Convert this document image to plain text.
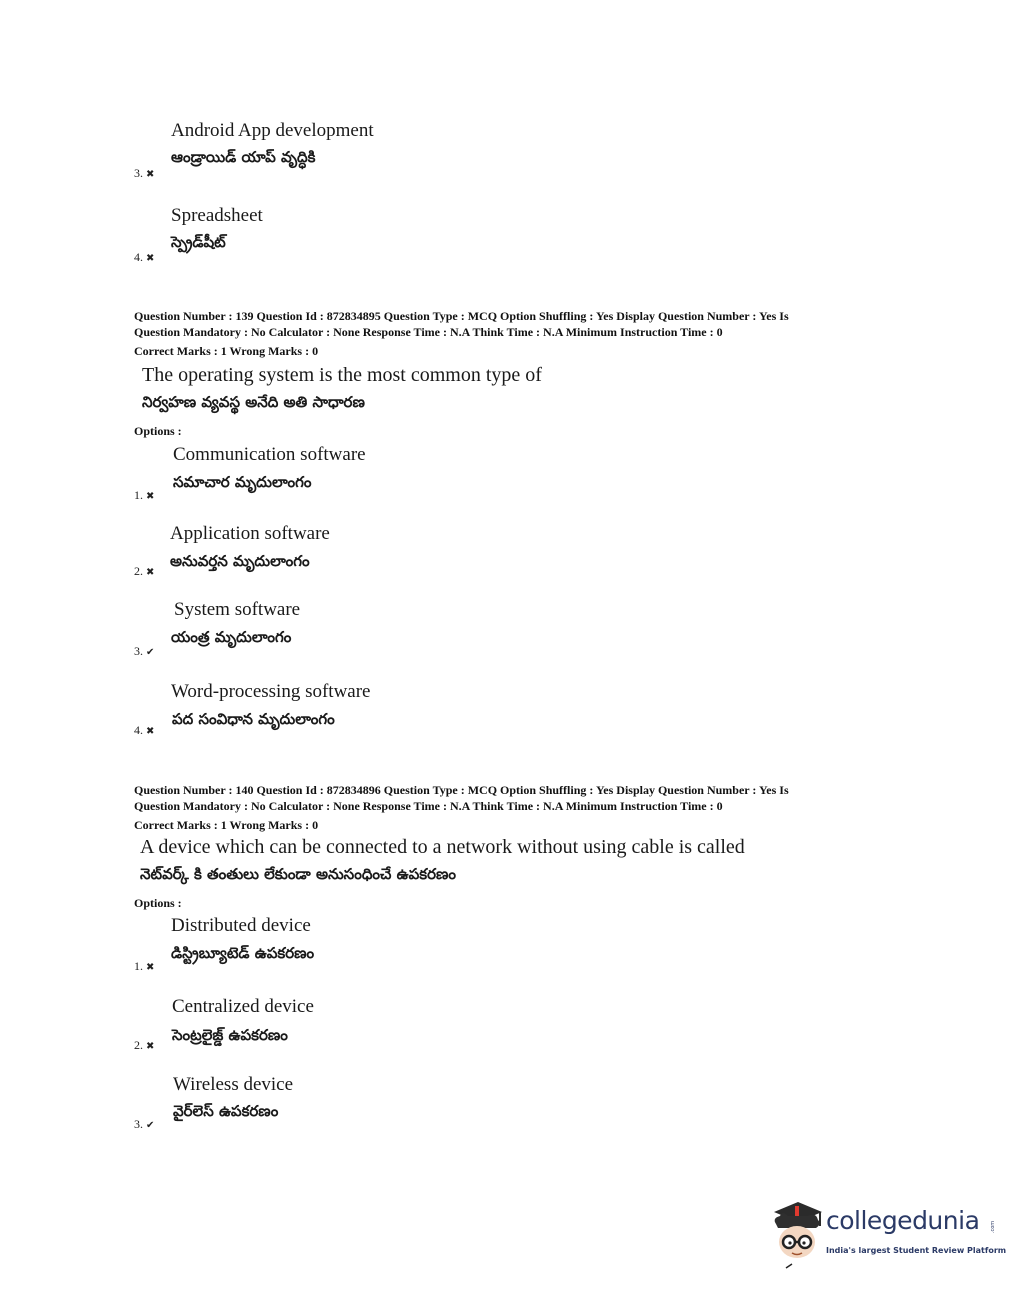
Android App development
ఆండ్రాయిడ్ యాప్ వృద్ధికి
3. ✖
Spreadsheet
స్ప్రెడ్‌షీట్
4. ✖
Question Number : 139 Question Id : 872834895 Question Type : MCQ Option Shuffling : Yes Display Question Number : Yes Is
Question Mandatory : No Calculator : None Response Time : N.A Think Time : N.A Minimum Instruction Time : 0
Correct Marks : 1 Wrong Marks : 0
The operating system is the most common type of
నిర్వహణ వ్యవస్థ అనేది అతి సాధారణ
Options :
Communication software
సమాచార మృదులాంగం
1. ✖
Application software
అనువర్తన మృదులాంగం
2. ✖
System software
యంత్ర మృదులాంగం
3. ✔
Word-processing software
పద సంవిధాన మృదులాంగం
4. ✖
Question Number : 140 Question Id : 872834896 Question Type : MCQ Option Shuffling : Yes Display Question Number : Yes Is
Question Mandatory : No Calculator : None Response Time : N.A Think Time : N.A Minimum Instruction Time : 0
Correct Marks : 1 Wrong Marks : 0
A device which can be connected to a network without using cable is called
నెట్‌వర్క్ కి తంతులు లేకుండా అనుసంధించే ఉపకరణం
Options :
Distributed device
డిస్ట్రిబ్యూటెడ్ ఉపకరణం
1. ✖
Centralized device
సెంట్రలైజ్డ్ ఉపకరణం
2. ✖
Wireless device
వైర్‌లెస్ ఉపకరణం
3. ✔
collegedunia .com
India's largest Student Review Platform
